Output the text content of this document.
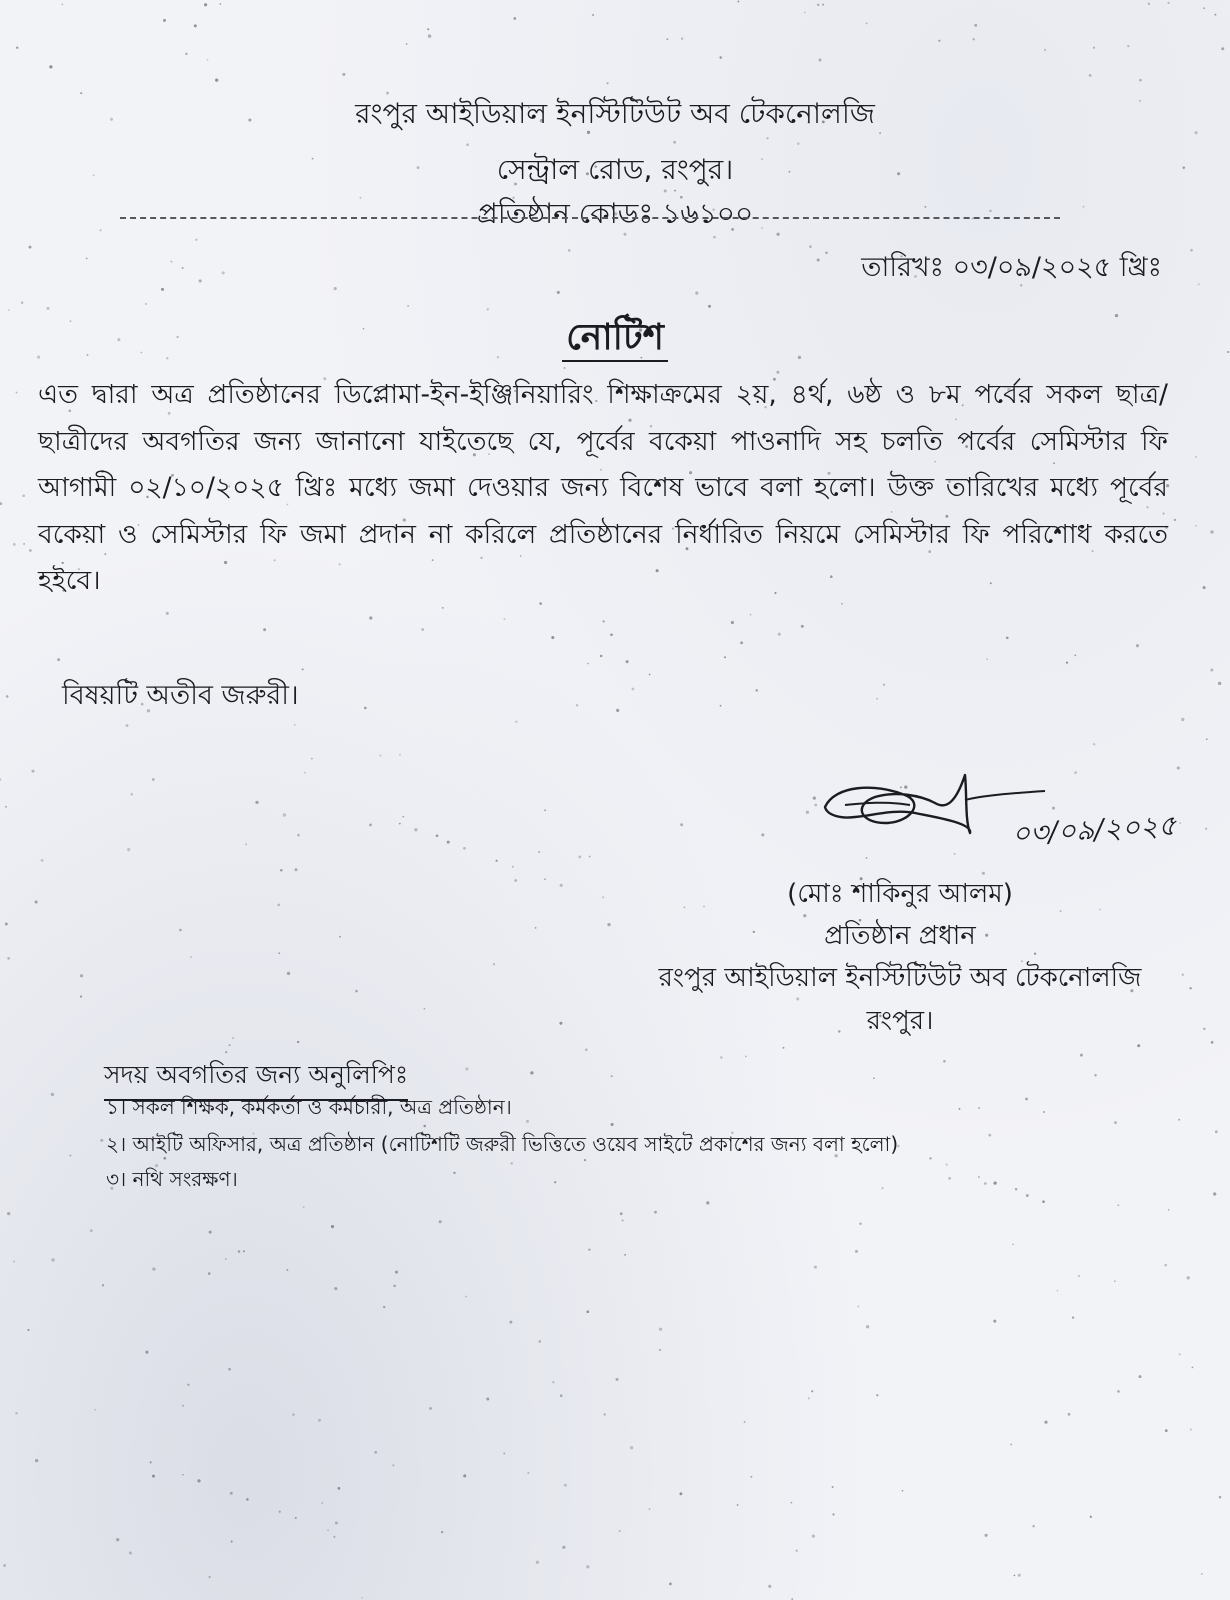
রংপুর আইডিয়াল ইনস্টিটিউট অব টেকনোলজি
সেন্ট্রাল রোড, রংপুর।
প্রতিষ্ঠান কোডঃ ১৬১০০
তারিখঃ ০৩/০৯/২০২৫ খ্রিঃ
নোটিশ
এত দ্বারা অত্র প্রতিষ্ঠানের ডিপ্লোমা-ইন-ইঞ্জিনিয়ারিং শিক্ষাক্রমের ২য়, ৪র্থ, ৬ষ্ঠ ও ৮ম পর্বের সকল ছাত্র/ছাত্রীদের অবগতির জন্য জানানো যাইতেছে যে, পূর্বের বকেয়া পাওনাদি সহ চলতি পর্বের সেমিস্টার ফি আগামী ০২/১০/২০২৫ খ্রিঃ মধ্যে জমা দেওয়ার জন্য বিশেষ ভাবে বলা হলো। উক্ত তারিখের মধ্যে পূর্বের বকেয়া ও সেমিস্টার ফি জমা প্রদান না করিলে প্রতিষ্ঠানের নির্ধারিত নিয়মে সেমিস্টার ফি পরিশোধ করতে হইবে।
বিষয়টি অতীব জরুরী।
০৩/০৯/২০২৫
(মোঃ শাকিনুর আলম)
প্রতিষ্ঠান প্রধান
রংপুর আইডিয়াল ইনস্টিটিউট অব টেকনোলজি
রংপুর।
সদয় অবগতির জন্য অনুলিপিঃ
১। সকল শিক্ষক, কর্মকর্তা ও কর্মচারী, অত্র প্রতিষ্ঠান।
২। আইটি অফিসার, অত্র প্রতিষ্ঠান (নোটিশটি জরুরী ভিত্তিতে ওয়েব সাইটে প্রকাশের জন্য বলা হলো)
৩। নথি সংরক্ষণ।
